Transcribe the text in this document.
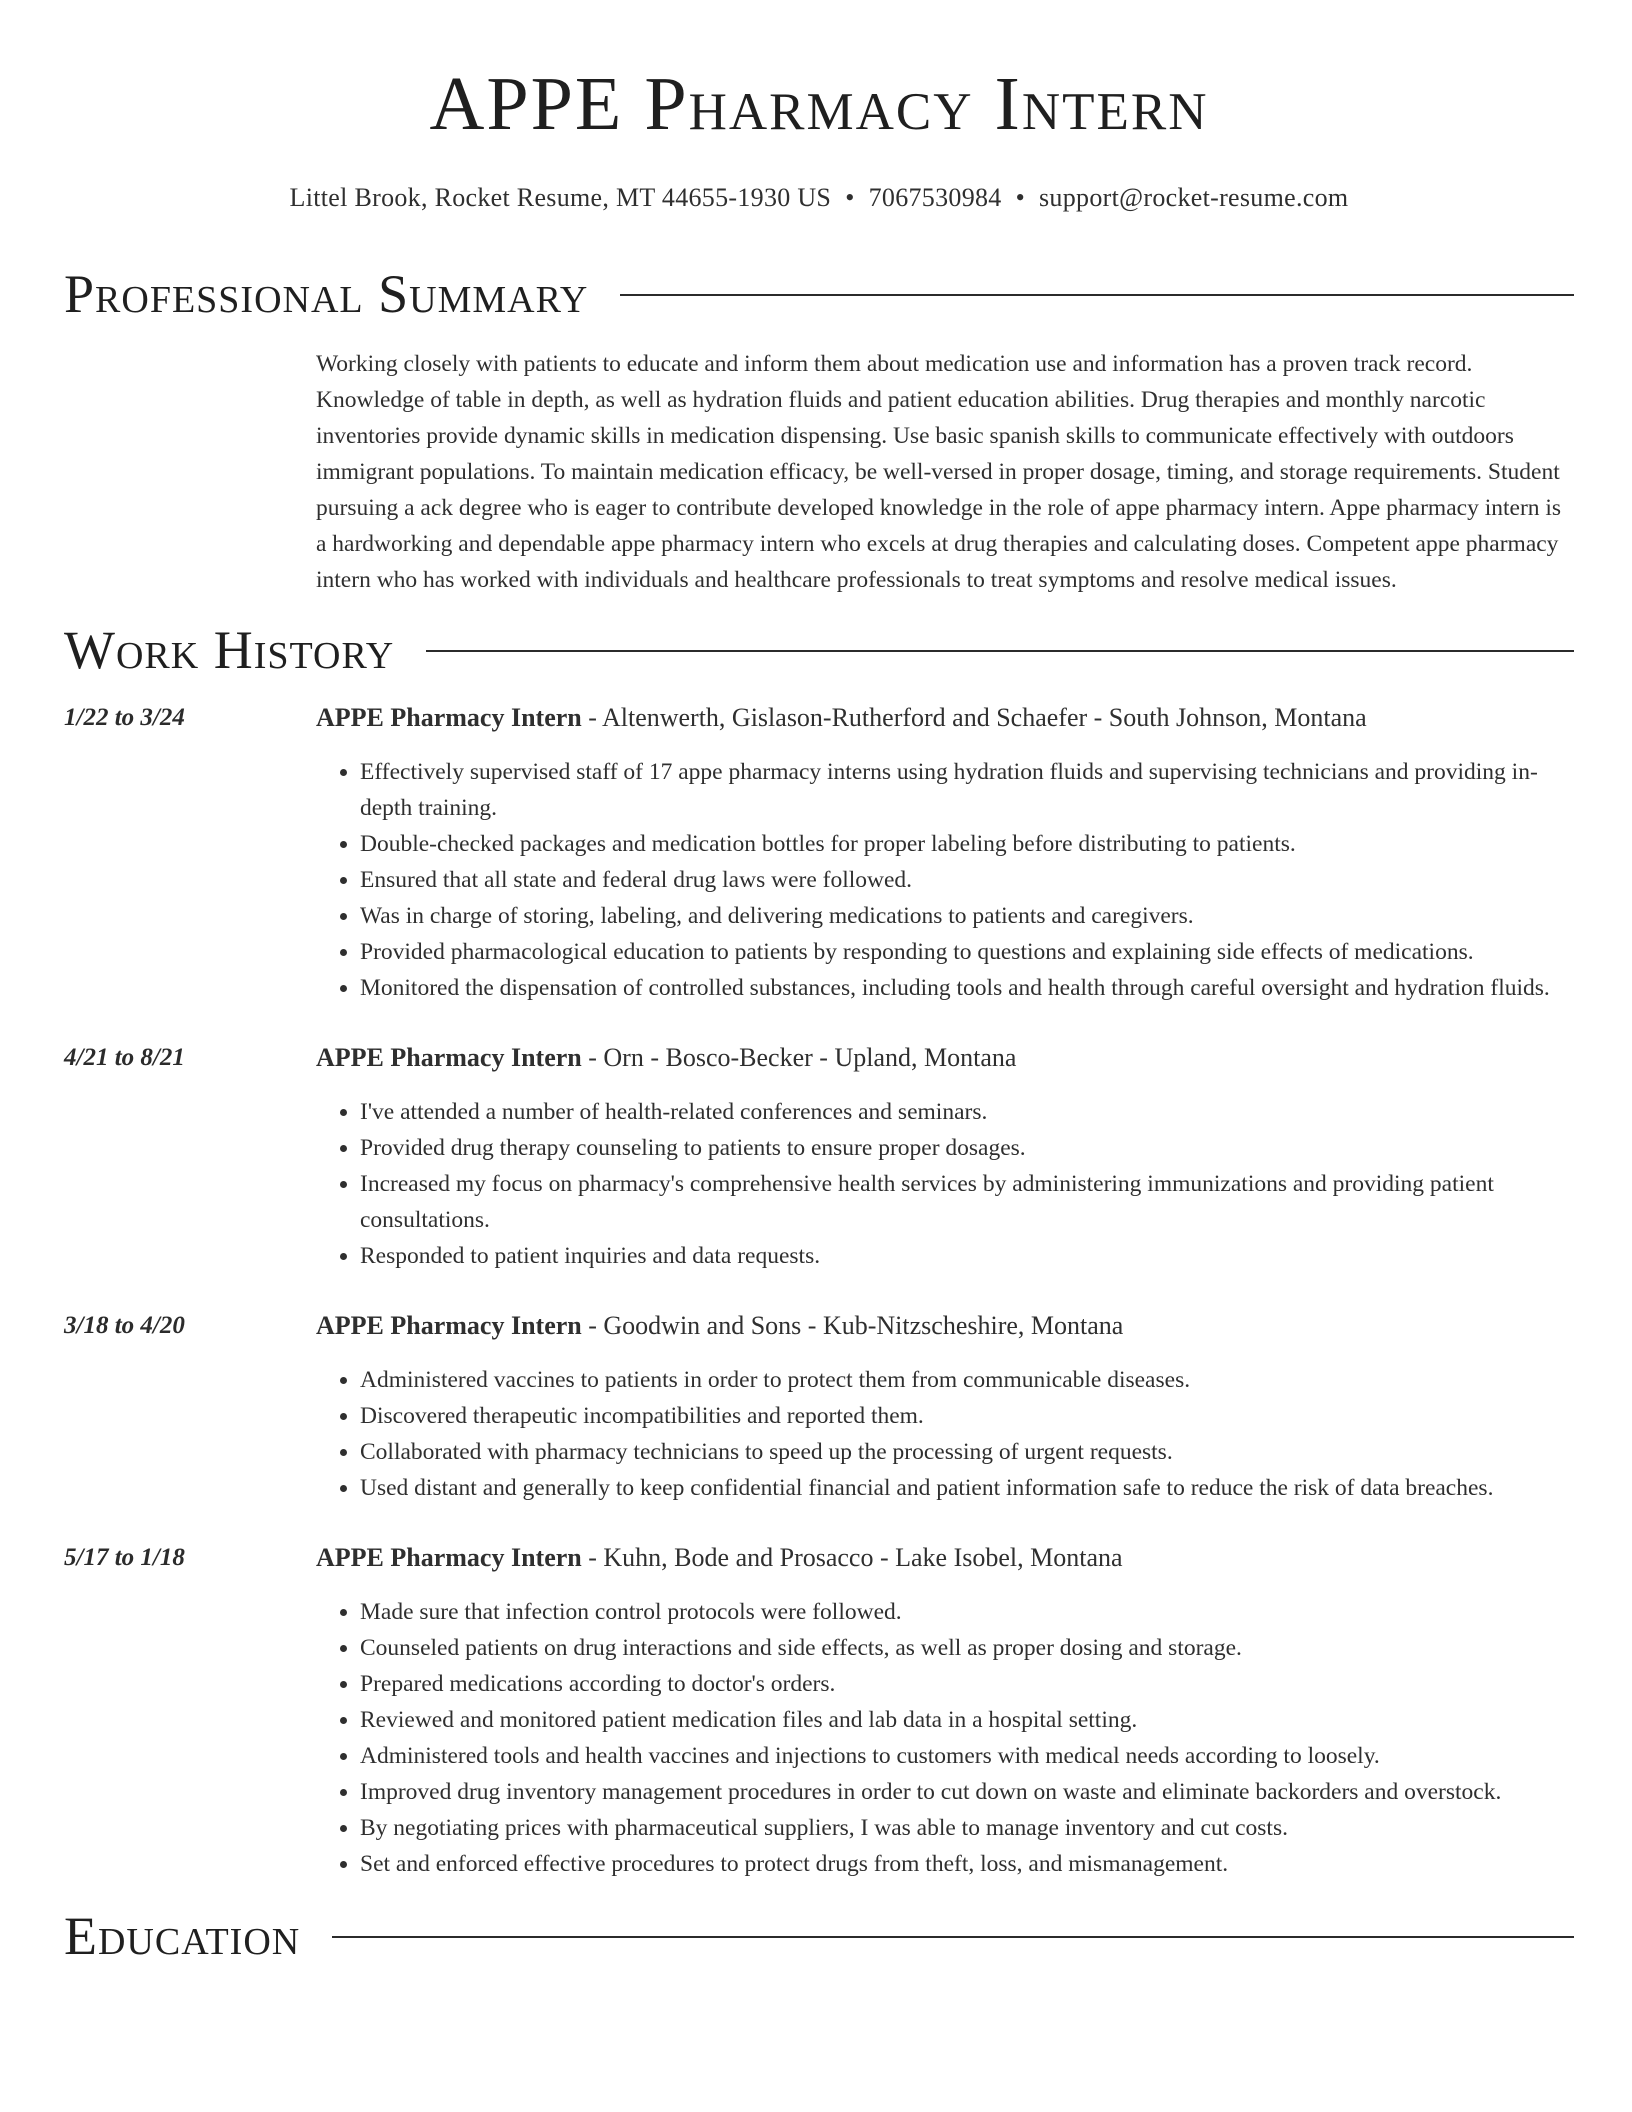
APPE Pharmacy Intern
Littel Brook, Rocket Resume, MT 44655-1930 US • 7067530984 • support@rocket-resume.com
Professional Summary

Working closely with patients to educate and inform them about medication use and information has a proven track record. Knowledge of table in depth, as well as hydration fluids and patient education abilities. Drug therapies and monthly narcotic inventories provide dynamic skills in medication dispensing. Use basic spanish skills to communicate effectively with outdoors immigrant populations. To maintain medication efficacy, be well-versed in proper dosage, timing, and storage requirements. Student pursuing a ack degree who is eager to contribute developed knowledge in the role of appe pharmacy intern. Appe pharmacy intern is a hardworking and dependable appe pharmacy intern who excels at drug therapies and calculating doses. Competent appe pharmacy intern who has worked with individuals and healthcare professionals to treat symptoms and resolve medical issues.

Work History
1/22 to 3/24	APPE Pharmacy Intern - Altenwerth, Gislason-Rutherford and Schaefer - South Johnson, Montana
• Effectively supervised staff of 17 appe pharmacy interns using hydration fluids and supervising technicians and providing in-depth training.
• Double-checked packages and medication bottles for proper labeling before distributing to patients.
• Ensured that all state and federal drug laws were followed.
• Was in charge of storing, labeling, and delivering medications to patients and caregivers.
• Provided pharmacological education to patients by responding to questions and explaining side effects of medications.
• Monitored the dispensation of controlled substances, including tools and health through careful oversight and hydration fluids.
4/21 to 8/21	APPE Pharmacy Intern - Orn - Bosco-Becker - Upland, Montana
• I've attended a number of health-related conferences and seminars.
• Provided drug therapy counseling to patients to ensure proper dosages.
• Increased my focus on pharmacy's comprehensive health services by administering immunizations and providing patient consultations.
• Responded to patient inquiries and data requests.
3/18 to 4/20	APPE Pharmacy Intern - Goodwin and Sons - Kub-Nitzscheshire, Montana
• Administered vaccines to patients in order to protect them from communicable diseases.
• Discovered therapeutic incompatibilities and reported them.
• Collaborated with pharmacy technicians to speed up the processing of urgent requests.
• Used distant and generally to keep confidential financial and patient information safe to reduce the risk of data breaches.
5/17 to 1/18	APPE Pharmacy Intern - Kuhn, Bode and Prosacco - Lake Isobel, Montana
• Made sure that infection control protocols were followed.
• Counseled patients on drug interactions and side effects, as well as proper dosing and storage.
• Prepared medications according to doctor's orders.
• Reviewed and monitored patient medication files and lab data in a hospital setting.
• Administered tools and health vaccines and injections to customers with medical needs according to loosely.
• Improved drug inventory management procedures in order to cut down on waste and eliminate backorders and overstock.
• By negotiating prices with pharmaceutical suppliers, I was able to manage inventory and cut costs.
• Set and enforced effective procedures to protect drugs from theft, loss, and mismanagement.
Education
